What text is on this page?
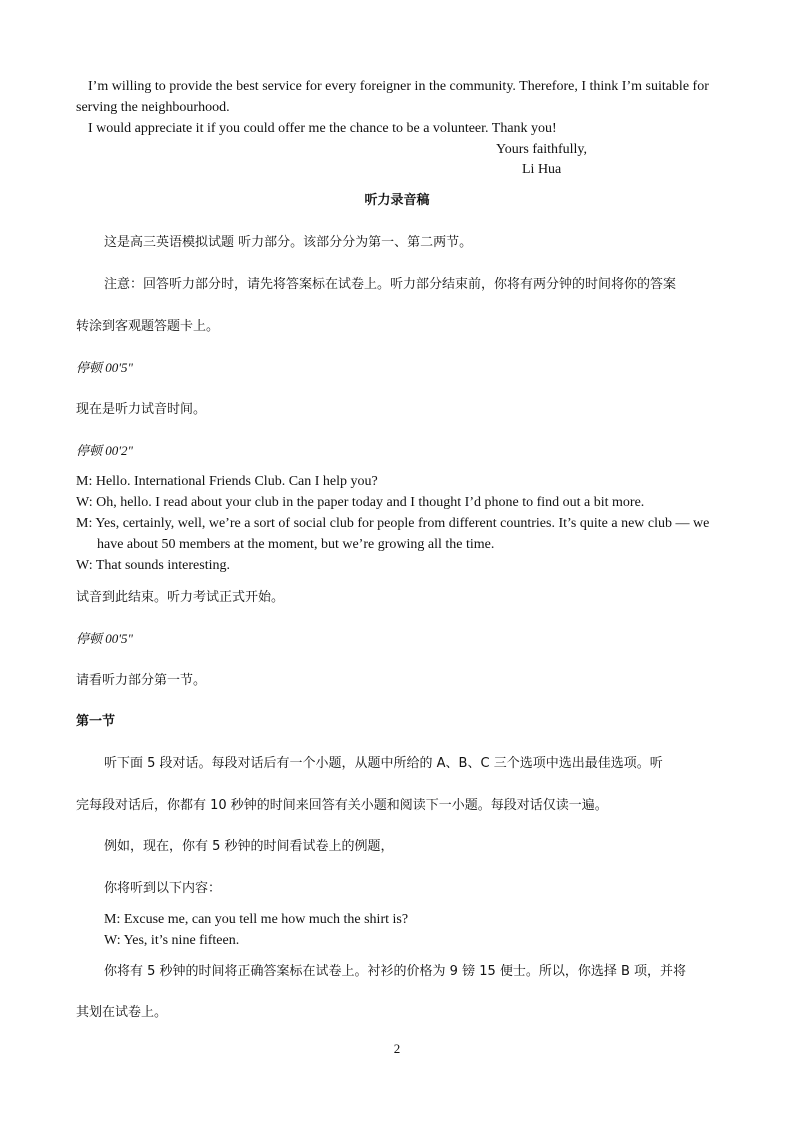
I’m willing to provide the best service for every foreigner in the community. Therefore, I think I’m suitable for
serving the neighbourhood.
I would appreciate it if you could offer me the chance to be a volunteer. Thank you!
Yours faithfully,
Li Hua
听力录音稿
这是高三英语模拟试题 听力部分。该部分分为第一、第二两节。
注意：回答听力部分时，请先将答案标在试卷上。听力部分结束前，你将有两分钟的时间将你的答案
转涂到客观题答题卡上。
停顿 00'5"
现在是听力试音时间。
停顿 00'2"
M: Hello. International Friends Club. Can I help you?
W: Oh, hello. I read about your club in the paper today and I thought I’d phone to find out a bit more.
M: Yes, certainly, well, we’re a sort of social club for people from different countries. It’s quite a new club — we
have about 50 members at the moment, but we’re growing all the time.
W: That sounds interesting.
试音到此结束。听力考试正式开始。
停顿 00'5"
请看听力部分第一节。
第一节
听下面 5 段对话。每段对话后有一个小题，从题中所给的 A、B、C 三个选项中选出最佳选项。听
完每段对话后，你都有 10 秒钟的时间来回答有关小题和阅读下一小题。每段对话仅读一遍。
例如，现在，你有 5 秒钟的时间看试卷上的例题，
你将听到以下内容：
M: Excuse me, can you tell me how much the shirt is?
W: Yes, it’s nine fifteen.
你将有 5 秒钟的时间将正确答案标在试卷上。衬衫的价格为 9 镑 15 便士。所以，你选择 B 项，并将
其划在试卷上。
2
